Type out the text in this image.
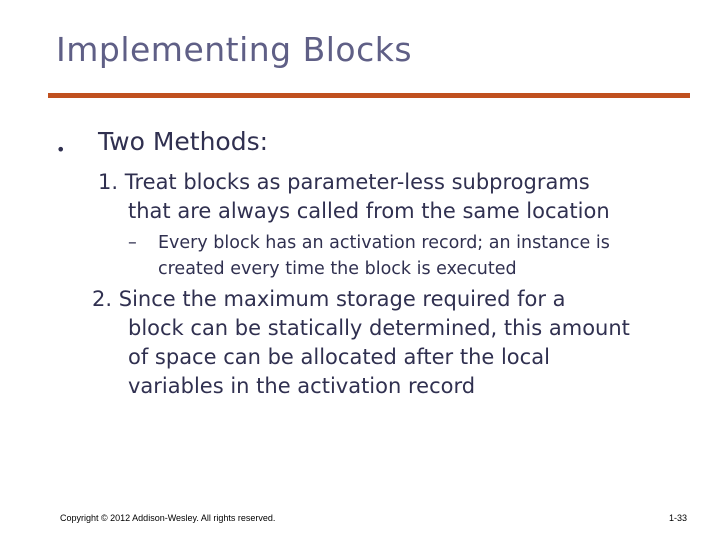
Implementing Blocks
• Two Methods:
1. Treat blocks as parameter-less subprograms
that are always called from the same location
– Every block has an activation record; an instance is
created every time the block is executed
2. Since the maximum storage required for a
block can be statically determined, this amount
of space can be allocated after the local
variables in the activation record
Copyright © 2012 Addison-Wesley. All rights reserved.	1-33
